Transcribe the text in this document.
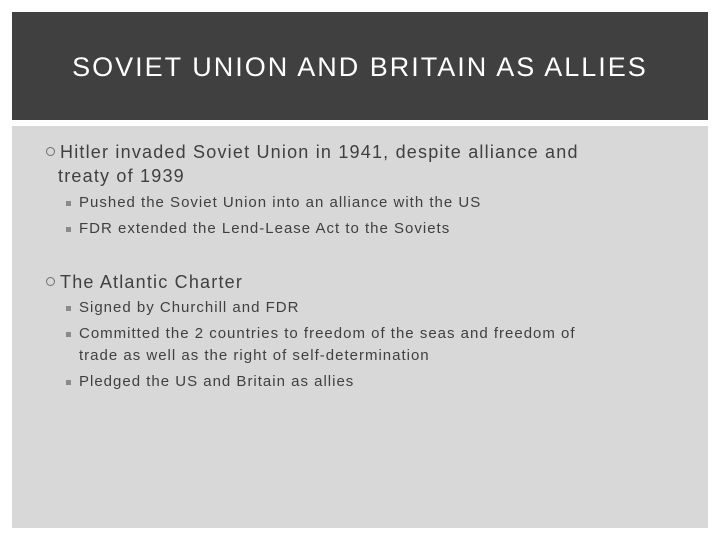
SOVIET UNION AND BRITAIN AS ALLIES
Hitler invaded Soviet Union in 1941, despite alliance and
treaty of 1939
Pushed the Soviet Union into an alliance with the US
FDR extended the Lend-Lease Act to the Soviets
The Atlantic Charter
Signed by Churchill and FDR
Committed the 2 countries to freedom of the seas and freedom of
trade as well as the right of self-determination
Pledged the US and Britain as allies
